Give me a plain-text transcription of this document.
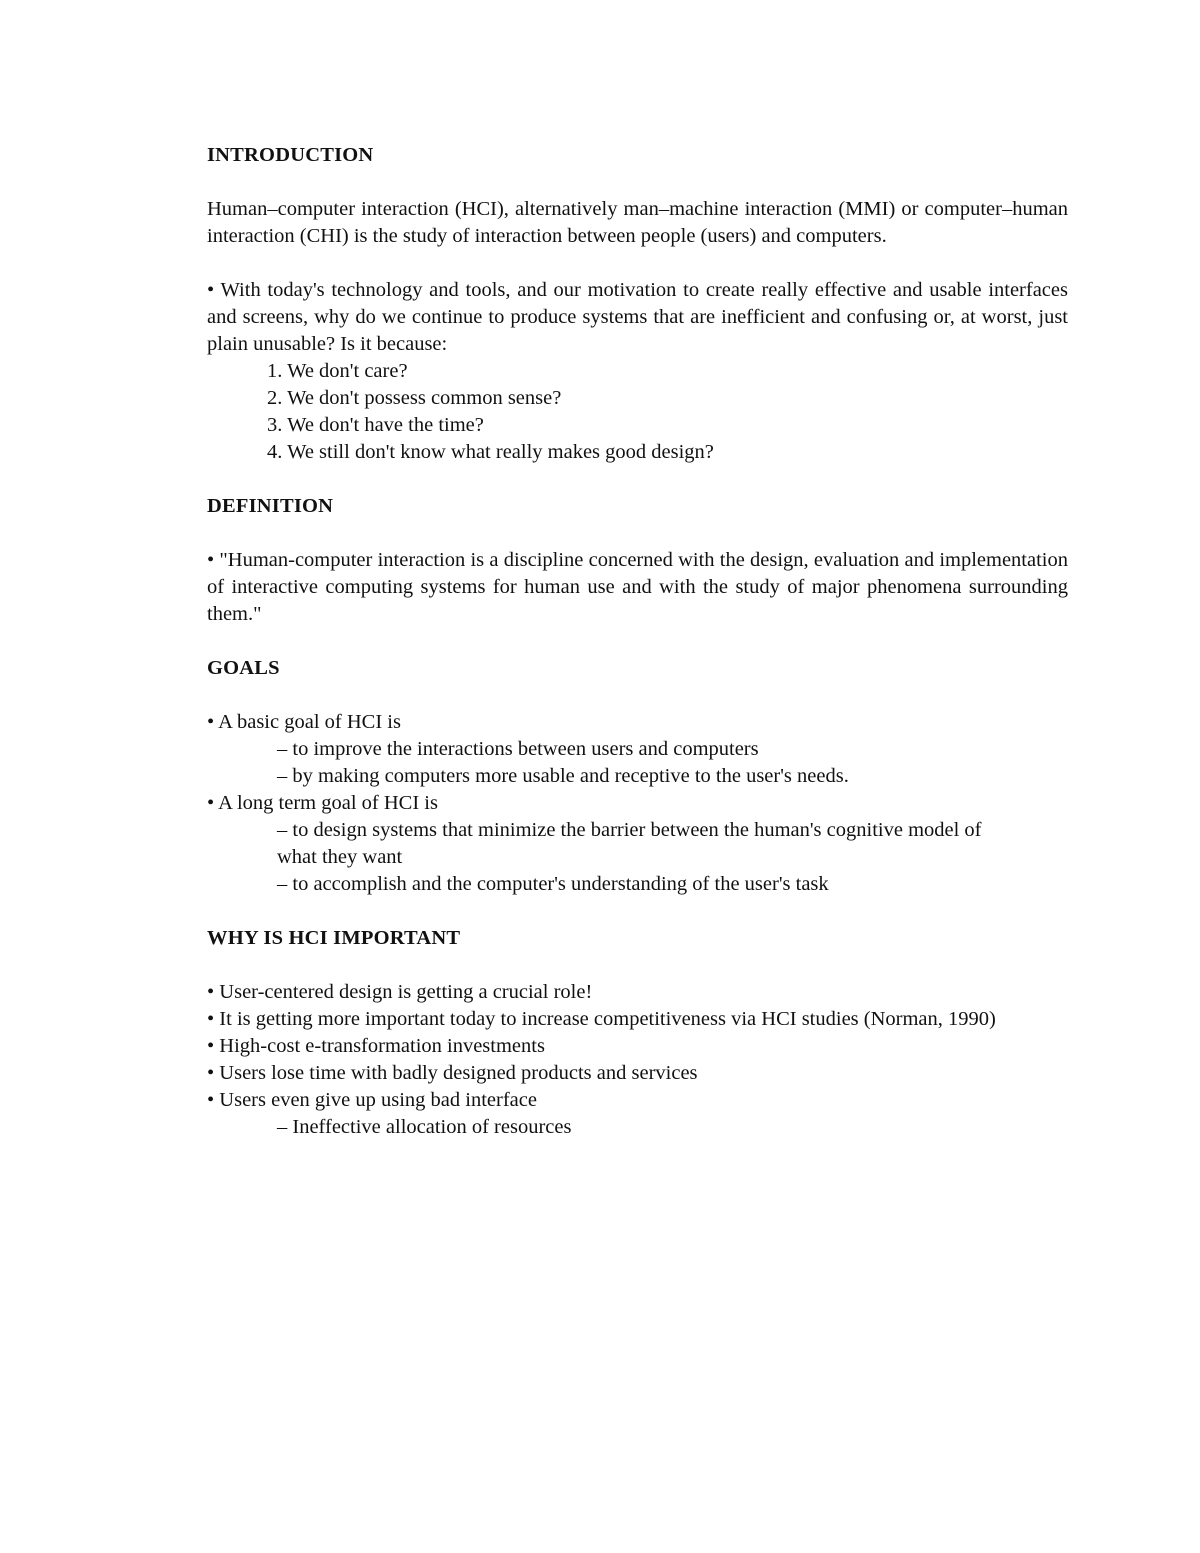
INTRODUCTION

Human–computer interaction (HCI), alternatively man–machine interaction (MMI) or computer–human interaction (CHI) is the study of interaction between people (users) and computers.

• With today's technology and tools, and our motivation to create really effective and usable interfaces and screens, why do we continue to produce systems that are inefficient and confusing or, at worst, just plain unusable? Is it because:

1. We don't care?
2. We don't possess common sense?
3. We don't have the time?
4. We still don't know what really makes good design?
DEFINITION

• "Human-computer interaction is a discipline concerned with the design, evaluation and implementation of interactive computing systems for human use and with the study of major phenomena surrounding them."

GOALS
• A basic goal of HCI is
– to improve the interactions between users and computers
– by making computers more usable and receptive to the user's needs.
• A long term goal of HCI is
– to design systems that minimize the barrier between the human's cognitive model of what they want
– to accomplish and the computer's understanding of the user's task
WHY IS HCI IMPORTANT
• User-centered design is getting a crucial role!
• It is getting more important today to increase competitiveness via HCI studies (Norman, 1990)
• High-cost e-transformation investments
• Users lose time with badly designed products and services
• Users even give up using bad interface
– Ineffective allocation of resources
